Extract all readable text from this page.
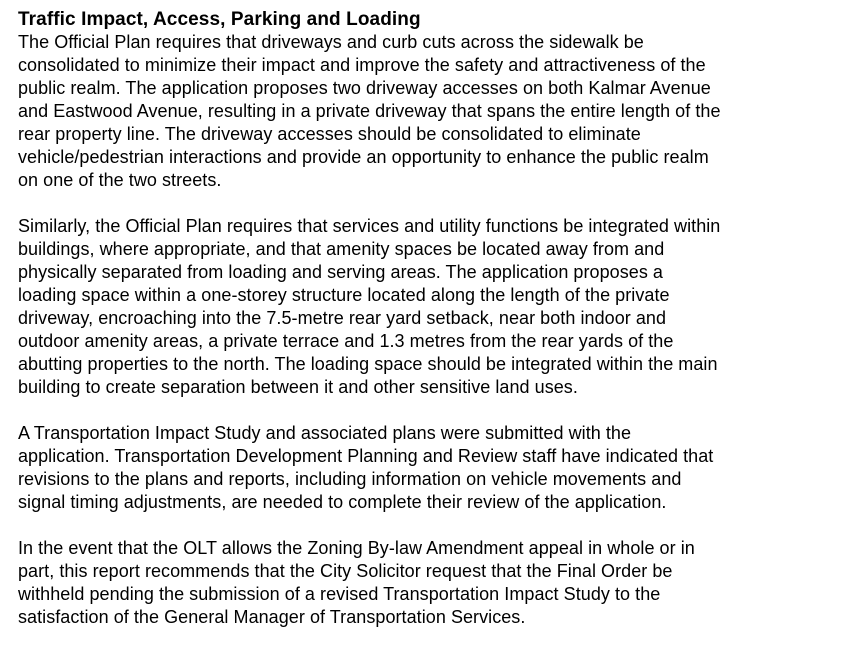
Traffic Impact, Access, Parking and Loading

The Official Plan requires that driveways and curb cuts across the sidewalk be
consolidated to minimize their impact and improve the safety and attractiveness of the
public realm. The application proposes two driveway accesses on both Kalmar Avenue
and Eastwood Avenue, resulting in a private driveway that spans the entire length of the
rear property line. The driveway accesses should be consolidated to eliminate
vehicle/pedestrian interactions and provide an opportunity to enhance the public realm
on one of the two streets.

Similarly, the Official Plan requires that services and utility functions be integrated within
buildings, where appropriate, and that amenity spaces be located away from and
physically separated from loading and serving areas. The application proposes a
loading space within a one-storey structure located along the length of the private
driveway, encroaching into the 7.5-metre rear yard setback, near both indoor and
outdoor amenity areas, a private terrace and 1.3 metres from the rear yards of the
abutting properties to the north. The loading space should be integrated within the main
building to create separation between it and other sensitive land uses.

A Transportation Impact Study and associated plans were submitted with the
application. Transportation Development Planning and Review staff have indicated that
revisions to the plans and reports, including information on vehicle movements and
signal timing adjustments, are needed to complete their review of the application.

In the event that the OLT allows the Zoning By-law Amendment appeal in whole or in
part, this report recommends that the City Solicitor request that the Final Order be
withheld pending the submission of a revised Transportation Impact Study to the
satisfaction of the General Manager of Transportation Services.
